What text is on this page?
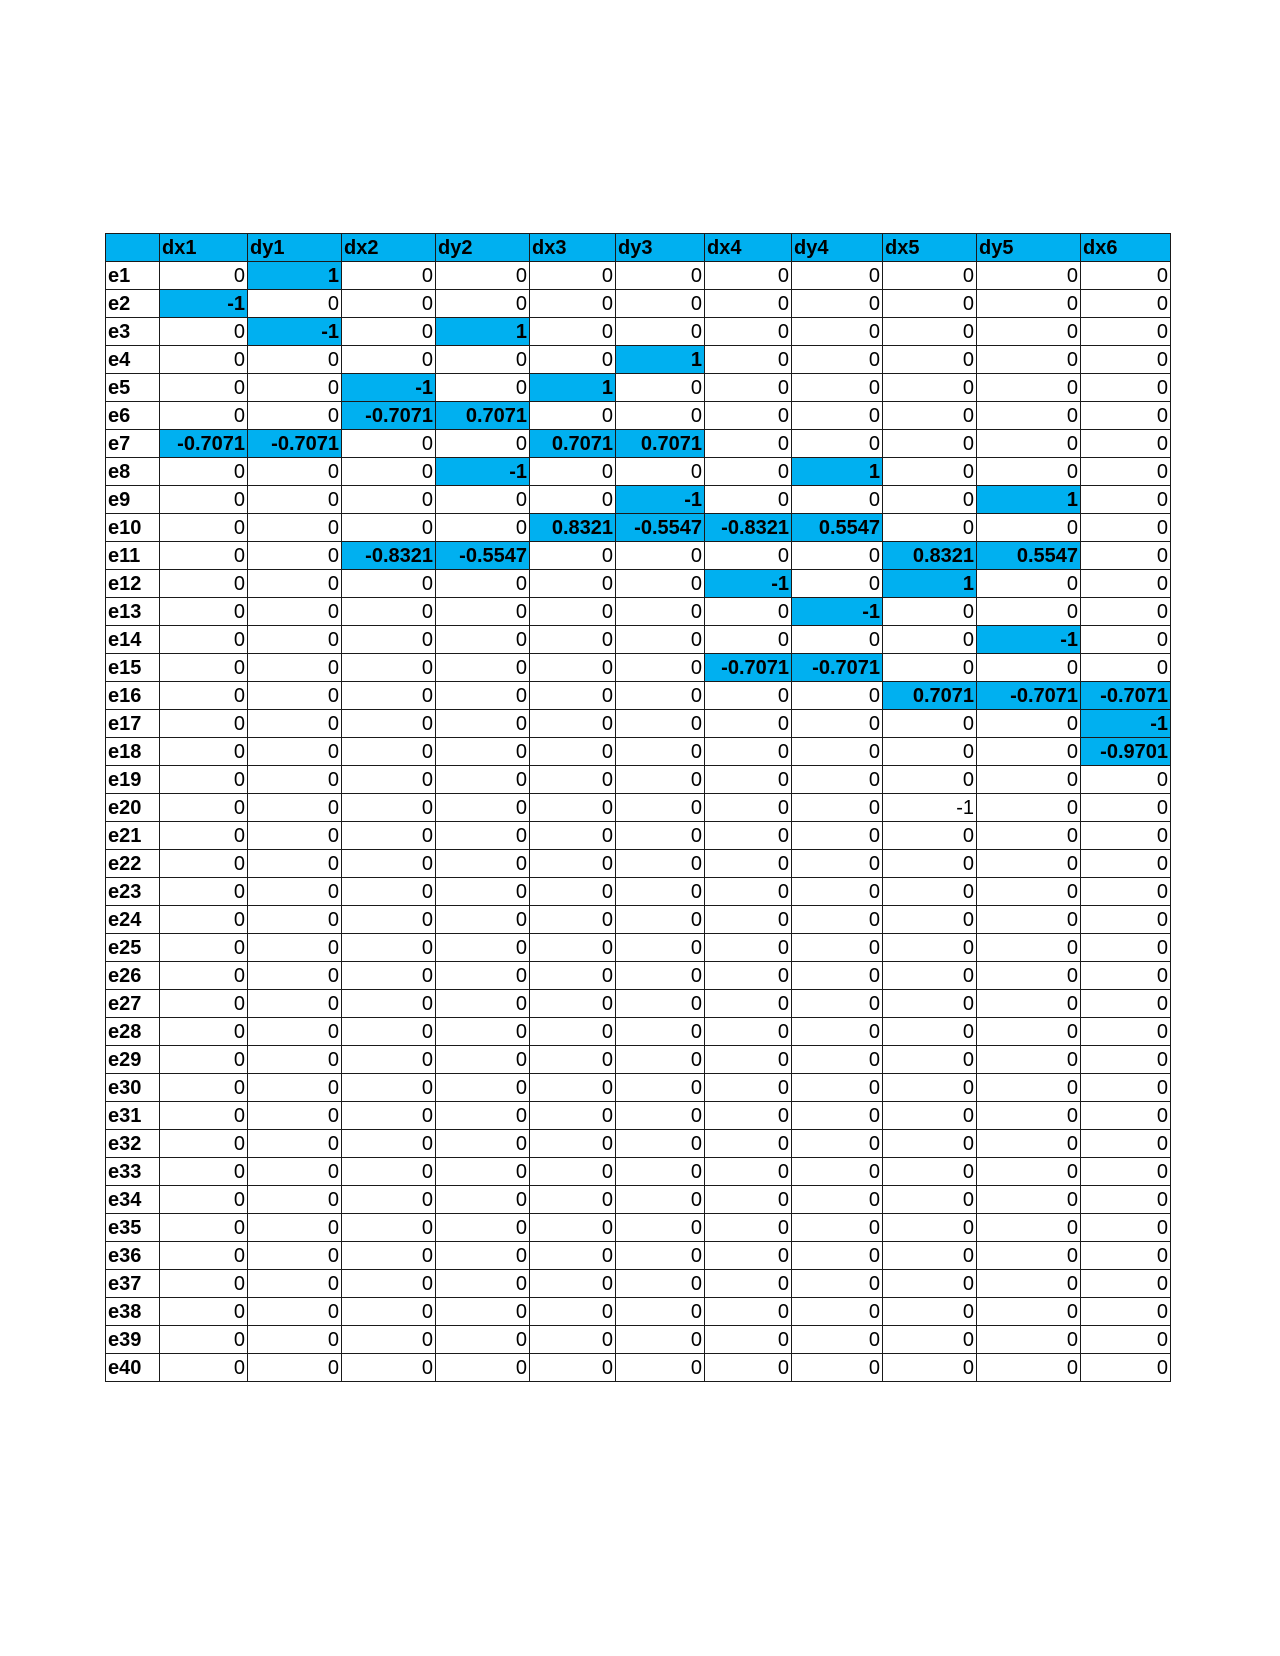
	dx1	dy1	dx2	dy2	dx3	dy3	dx4	dy4	dx5	dy5	dx6
e1	0	1	0	0	0	0	0	0	0	0	0
e2	-1	0	0	0	0	0	0	0	0	0	0
e3	0	-1	0	1	0	0	0	0	0	0	0
e4	0	0	0	0	0	1	0	0	0	0	0
e5	0	0	-1	0	1	0	0	0	0	0	0
e6	0	0	-0.7071	0.7071	0	0	0	0	0	0	0
e7	-0.7071	-0.7071	0	0	0.7071	0.7071	0	0	0	0	0
e8	0	0	0	-1	0	0	0	1	0	0	0
e9	0	0	0	0	0	-1	0	0	0	1	0
e10	0	0	0	0	0.8321	-0.5547	-0.8321	0.5547	0	0	0
e11	0	0	-0.8321	-0.5547	0	0	0	0	0.8321	0.5547	0
e12	0	0	0	0	0	0	-1	0	1	0	0
e13	0	0	0	0	0	0	0	-1	0	0	0
e14	0	0	0	0	0	0	0	0	0	-1	0
e15	0	0	0	0	0	0	-0.7071	-0.7071	0	0	0
e16	0	0	0	0	0	0	0	0	0.7071	-0.7071	-0.7071
e17	0	0	0	0	0	0	0	0	0	0	-1
e18	0	0	0	0	0	0	0	0	0	0	-0.9701
e19	0	0	0	0	0	0	0	0	0	0	0
e20	0	0	0	0	0	0	0	0	-1	0	0
e21	0	0	0	0	0	0	0	0	0	0	0
e22	0	0	0	0	0	0	0	0	0	0	0
e23	0	0	0	0	0	0	0	0	0	0	0
e24	0	0	0	0	0	0	0	0	0	0	0
e25	0	0	0	0	0	0	0	0	0	0	0
e26	0	0	0	0	0	0	0	0	0	0	0
e27	0	0	0	0	0	0	0	0	0	0	0
e28	0	0	0	0	0	0	0	0	0	0	0
e29	0	0	0	0	0	0	0	0	0	0	0
e30	0	0	0	0	0	0	0	0	0	0	0
e31	0	0	0	0	0	0	0	0	0	0	0
e32	0	0	0	0	0	0	0	0	0	0	0
e33	0	0	0	0	0	0	0	0	0	0	0
e34	0	0	0	0	0	0	0	0	0	0	0
e35	0	0	0	0	0	0	0	0	0	0	0
e36	0	0	0	0	0	0	0	0	0	0	0
e37	0	0	0	0	0	0	0	0	0	0	0
e38	0	0	0	0	0	0	0	0	0	0	0
e39	0	0	0	0	0	0	0	0	0	0	0
e40	0	0	0	0	0	0	0	0	0	0	0
